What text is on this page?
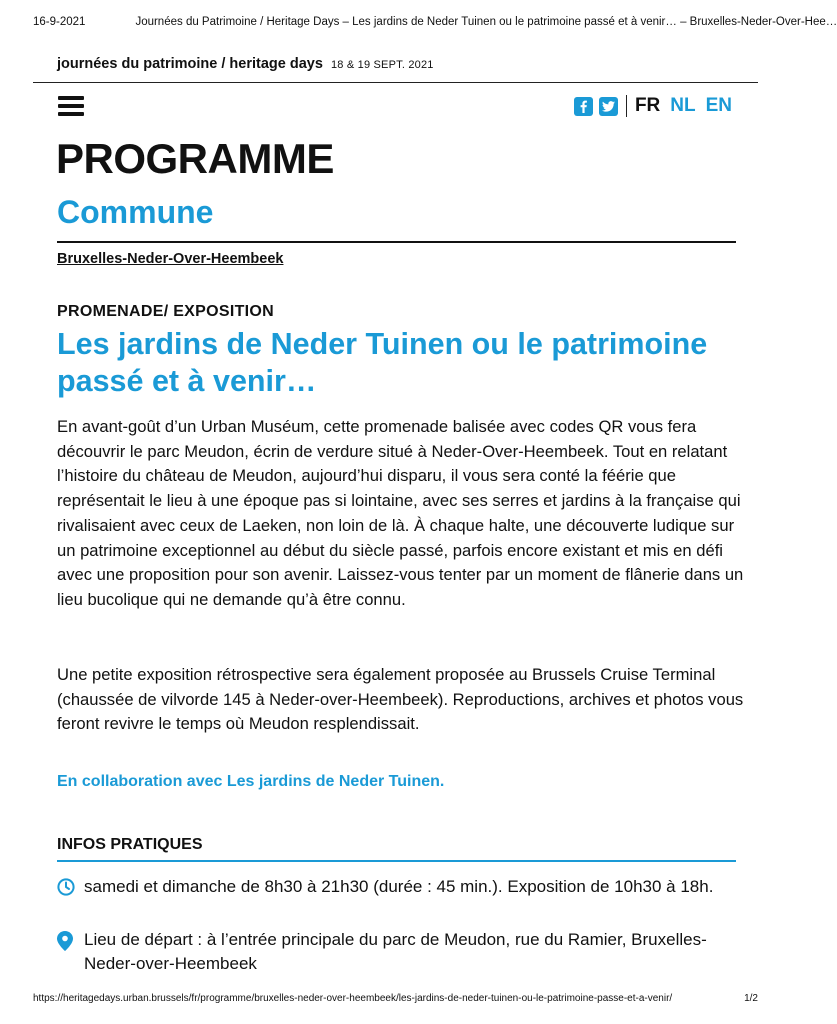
16-9-2021	Journées du Patrimoine / Heritage Days – Les jardins de Neder Tuinen ou le patrimoine passé et à venir… – Bruxelles-Neder-Over-Hee…
journées du patrimoine / heritage days 18 & 19 SEPT. 2021
FR NL EN
PROGRAMME
Commune
Bruxelles-Neder-Over-Heembeek
PROMENADE/ EXPOSITION
Les jardins de Neder Tuinen ou le patrimoine passé et à venir…

En avant-goût d’un Urban Muséum, cette promenade balisée avec codes QR vous fera découvrir le parc Meudon, écrin de verdure situé à Neder-Over-Heembeek. Tout en relatant l’histoire du château de Meudon, aujourd’hui disparu, il vous sera conté la féérie que représentait le lieu à une époque pas si lointaine, avec ses serres et jardins à la française qui rivalisaient avec ceux de Laeken, non loin de là. À chaque halte, une découverte ludique sur un patrimoine exceptionnel au début du siècle passé, parfois encore existant et mis en défi avec une proposition pour son avenir. Laissez-vous tenter par un moment de flânerie dans un lieu bucolique qui ne demande qu’à être connu.

Une petite exposition rétrospective sera également proposée au Brussels Cruise Terminal (chaussée de vilvorde 145 à Neder-over-Heembeek). Reproductions, archives et photos vous feront revivre le temps où Meudon resplendissait.

En collaboration avec Les jardins de Neder Tuinen.
INFOS PRATIQUES
samedi et dimanche de 8h30 à 21h30 (durée : 45 min.). Exposition de 10h30 à 18h.
Lieu de départ : à l’entrée principale du parc de Meudon, rue du Ramier, Bruxelles-Neder-over-Heembeek
https://heritagedays.urban.brussels/fr/programme/bruxelles-neder-over-heembeek/les-jardins-de-neder-tuinen-ou-le-patrimoine-passe-et-a-venir/	1/2
